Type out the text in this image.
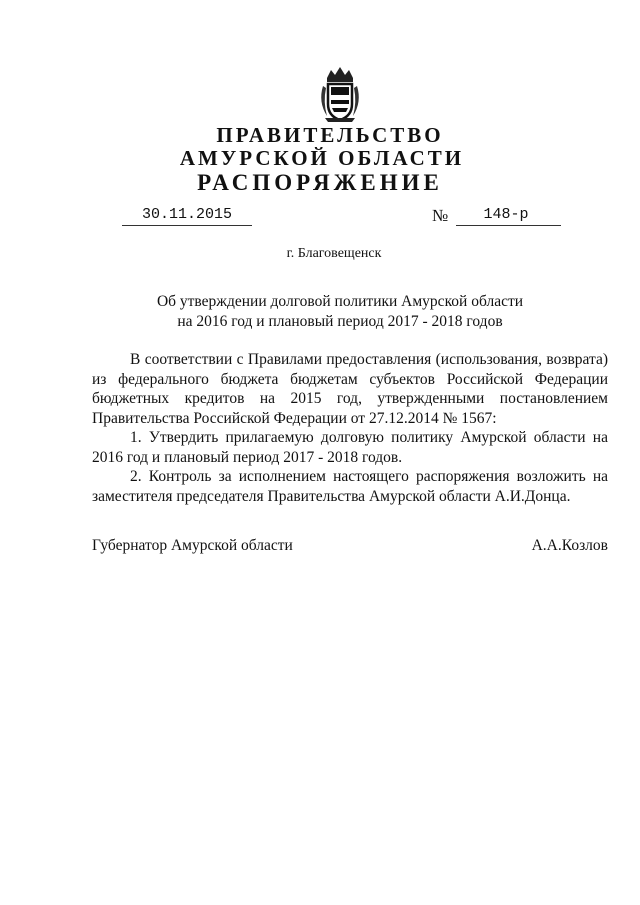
ПРАВИТЕЛЬСТВО
АМУРСКОЙ ОБЛАСТИ
РАСПОРЯЖЕНИЕ
30.11.2015	№	148-р
г. Благовещенск
Об утверждении долговой политики Амурской области
на 2016 год и плановый период 2017 - 2018 годов

В соответствии с Правилами предоставления (использования, возврата) из федерального бюджета бюджетам субъектов Российской Федерации бюджетных кредитов на 2015 год, утвержденными постановлением Правительства Российской Федерации от 27.12.2014 № 1567:

1. Утвердить прилагаемую долговую политику Амурской области на 2016 год и плановый период 2017 - 2018 годов.

2. Контроль за исполнением настоящего распоряжения возложить на заместителя председателя Правительства Амурской области А.И.Донца.

Губернатор Амурской области	А.А.Козлов
